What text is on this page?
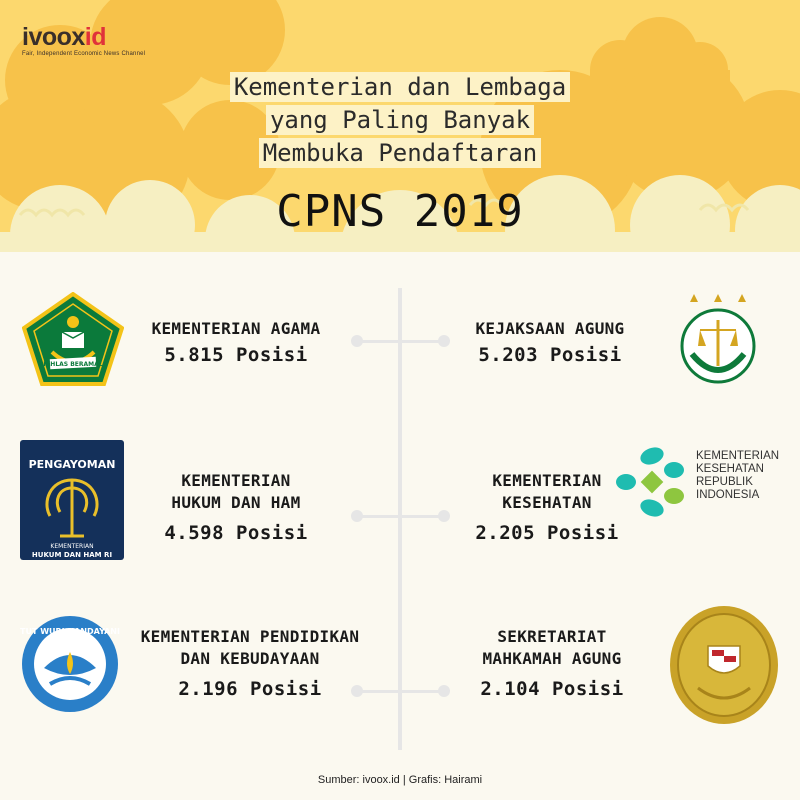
ivooxid
Fair, Independent Economic News Channel
Kementerian dan Lembaga
yang Paling Banyak
Membuka Pendaftaran
CPNS 2019
IKHLAS BERAMAL
KEMENTERIAN AGAMA
5.815 Posisi
KEJAKSAAN AGUNG
5.203 Posisi
PENGAYOMAN
KEMENTERIAN
HUKUM DAN HAM RI
KEMENTERIAN
HUKUM DAN HAM
4.598 Posisi
KEMENTERIAN
KESEHATAN
2.205 Posisi
KEMENTERIAN
KESEHATAN
REPUBLIK
INDONESIA
TUT WURI HANDAYANI	KEMENTERIAN PENDIDIKAN
DAN KEBUDAYAAN
2.196 Posisi
SEKRETARIAT
MAHKAMAH AGUNG
2.104 Posisi
Sumber: ivoox.id | Grafis: Hairami
